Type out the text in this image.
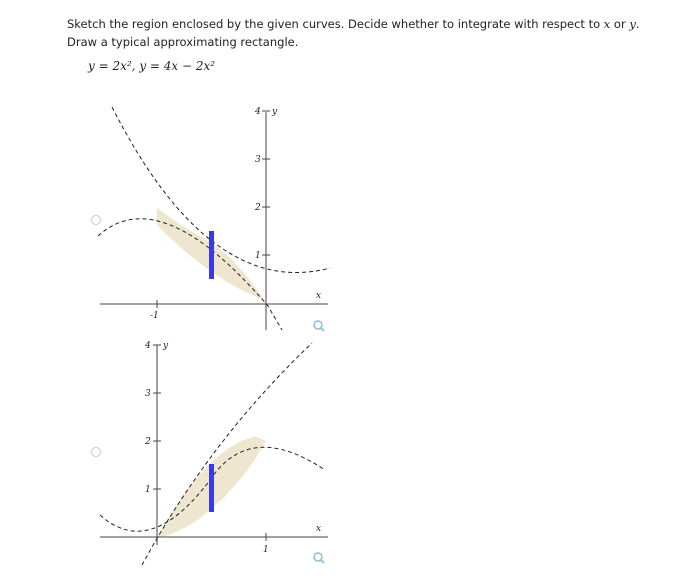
Sketch the region enclosed by the given curves. Decide whether to integrate with respect to x or y.
Draw a typical approximating rectangle.
y = 2x², y = 4x − 2x²
4 y
3
2
1
-1
x
4 y
3
2
1
1
x
